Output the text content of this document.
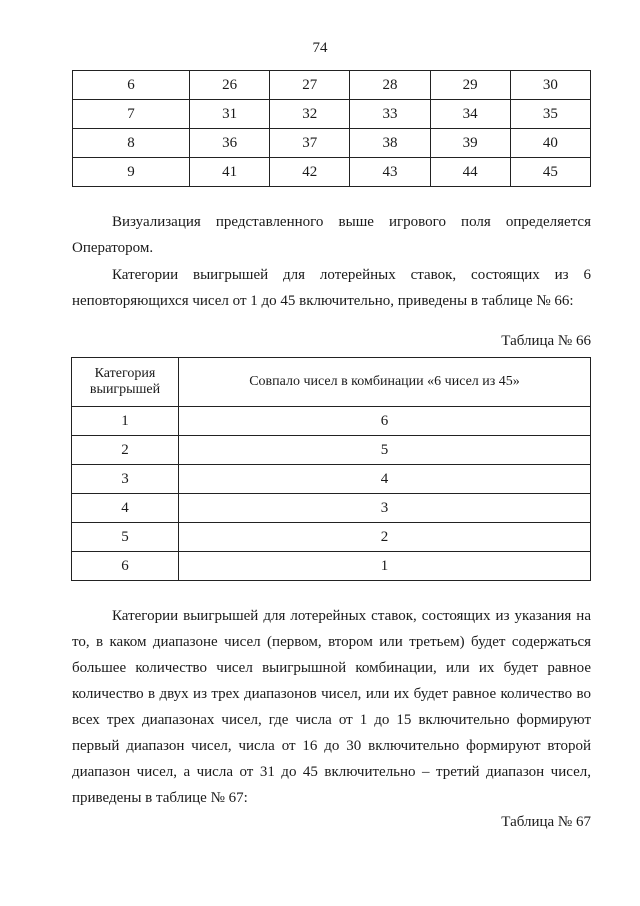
74
6	26	27	28	29	30
7	31	32	33	34	35
8	36	37	38	39	40
9	41	42	43	44	45
Визуализация представленного выше игрового поля определяется
Оператором.
Категории выигрышей для лотерейных ставок, состоящих из 6
неповторяющихся чисел от 1 до 45 включительно, приведены в таблице № 66:
Таблица № 66
Категория выигрышей	Совпало чисел в комбинации «6 чисел из 45»
1	6
2	5
3	4
4	3
5	2
6	1
Категории выигрышей для лотерейных ставок, состоящих из указания на
то, в каком диапазоне чисел (первом, втором или третьем) будет содержаться
большее количество чисел выигрышной комбинации, или их будет равное
количество в двух из трех диапазонов чисел, или их будет равное количество во
всех трех диапазонах чисел, где числа от 1 до 15 включительно формируют
первый диапазон чисел, числа от 16 до 30 включительно формируют второй
диапазон чисел, а числа от 31 до 45 включительно – третий диапазон чисел,
приведены в таблице № 67:
Таблица № 67
